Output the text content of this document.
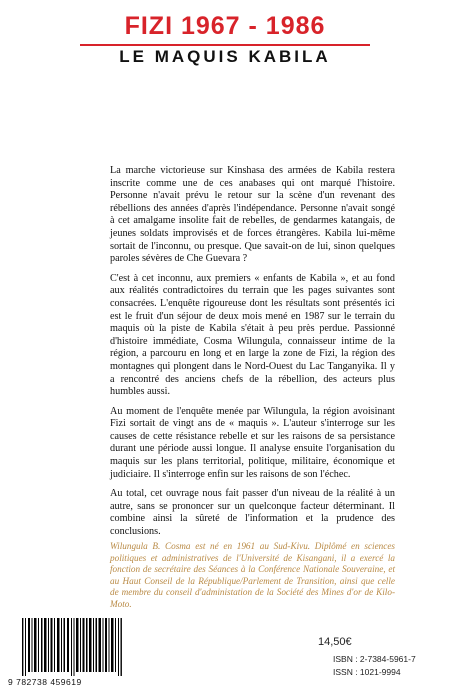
FIZI 1967 - 1986
LE MAQUIS KABILA

La marche victorieuse sur Kinshasa des armées de Kabila restera inscrite comme une de ces anabases qui ont marqué l'histoire. Personne n'avait prévu le retour sur la scène d'un revenant des rébellions des années d'après l'indépendance. Personne n'avait songé à cet amalgame insolite fait de rebelles, de gendarmes katangais, de jeunes soldats improvisés et de forces étrangères. Kabila lui-même sortait de l'inconnu, ou presque. Que savait-on de lui, sinon quelques paroles sévères de Che Guevara ?

C'est à cet inconnu, aux premiers « enfants de Kabila », et au fond aux réalités contradictoires du terrain que les pages suivantes sont consacrées. L'enquête rigoureuse dont les résultats sont présentés ici est le fruit d'un séjour de deux mois mené en 1987 sur le terrain du maquis où la piste de Kabila s'était à peu près perdue. Passionné d'histoire immédiate, Cosma Wilungula, connaisseur intime de la région, a parcouru en long et en large la zone de Fizi, la région des montagnes qui plongent dans le Nord-Ouest du Lac Tanganyika. Il y a rencontré des anciens chefs de la rébellion, des acteurs plus humbles aussi.

Au moment de l'enquête menée par Wilungula, la région avoisinant Fizi sortait de vingt ans de « maquis ». L'auteur s'interroge sur les causes de cette résistance rebelle et sur les raisons de sa persistance durant une période aussi longue. Il analyse ensuite l'organisation du maquis sur les plans territorial, politique, militaire, économique et judiciaire. Il s'interroge enfin sur les raisons de son l'échec.

Au total, cet ouvrage nous fait passer d'un niveau de la réalité à un autre, sans se prononcer sur un quelconque facteur déterminant. Il combine ainsi la sûreté de l'information et la prudence des conclusions.

Wilungula B. Cosma est né en 1961 au Sud-Kivu. Diplômé en sciences politiques et administratives de l'Université de Kisangani, il a exercé la fonction de secrétaire des Séances à la Conférence Nationale Souveraine, et au Haut Conseil de la République/Parlement de Transition, ainsi que celle de membre du conseil d'administation de la Société des Mines d'or de Kilo-Moto.

9 782738 459619
14,50€
ISBN : 2-7384-5961-7
ISSN : 1021-9994
